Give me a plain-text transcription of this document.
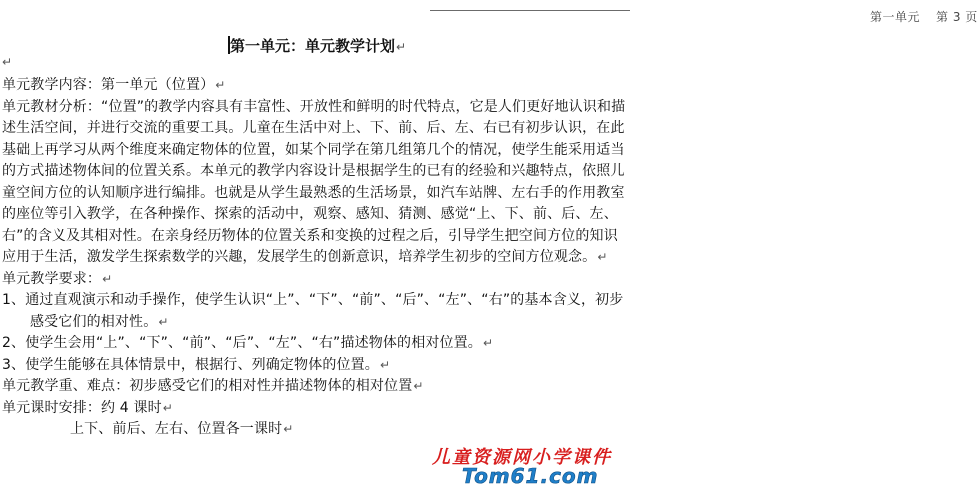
第一单元 第 3 页
第一单元：单元教学计划↵
↵

单元教学内容：第一单元（位置）↵

单元教材分析：“位置”的教学内容具有丰富性、开放性和鲜明的时代特点，它是人们更好地认识和描述生活空间，并进行交流的重要工具。儿童在生活中对上、下、前、后、左、右已有初步认识，在此基础上再学习从两个维度来确定物体的位置，如某个同学在第几组第几个的情况，使学生能采用适当的方式描述物体间的位置关系。本单元的教学内容设计是根据学生的已有的经验和兴趣特点，依照儿童空间方位的认知顺序进行编排。也就是从学生最熟悉的生活场景，如汽车站牌、左右手的作用教室的座位等引入教学，在各种操作、探索的活动中，观察、感知、猜测、感觉“上、下、前、后、左、右”的含义及其相对性。在亲身经历物体的位置关系和变换的过程之后，引导学生把空间方位的知识应用于生活，激发学生探索数学的兴趣，发展学生的创新意识，培养学生初步的空间方位观念。↵

单元教学要求：↵

1、通过直观演示和动手操作，使学生认识“上”、“下”、“前”、“后”、“左”、“右”的基本含义，初步感受它们的相对性。↵

2、使学生会用“上”、“下”、“前”、“后”、“左”、“右”描述物体的相对位置。↵

3、使学生能够在具体情景中，根据行、列确定物体的位置。↵

单元教学重、难点：初步感受它们的相对性并描述物体的相对位置↵

单元课时安排：约 4 课时↵

上下、前后、左右、位置各一课时↵

儿童资源网小学课件
Tom61.com
